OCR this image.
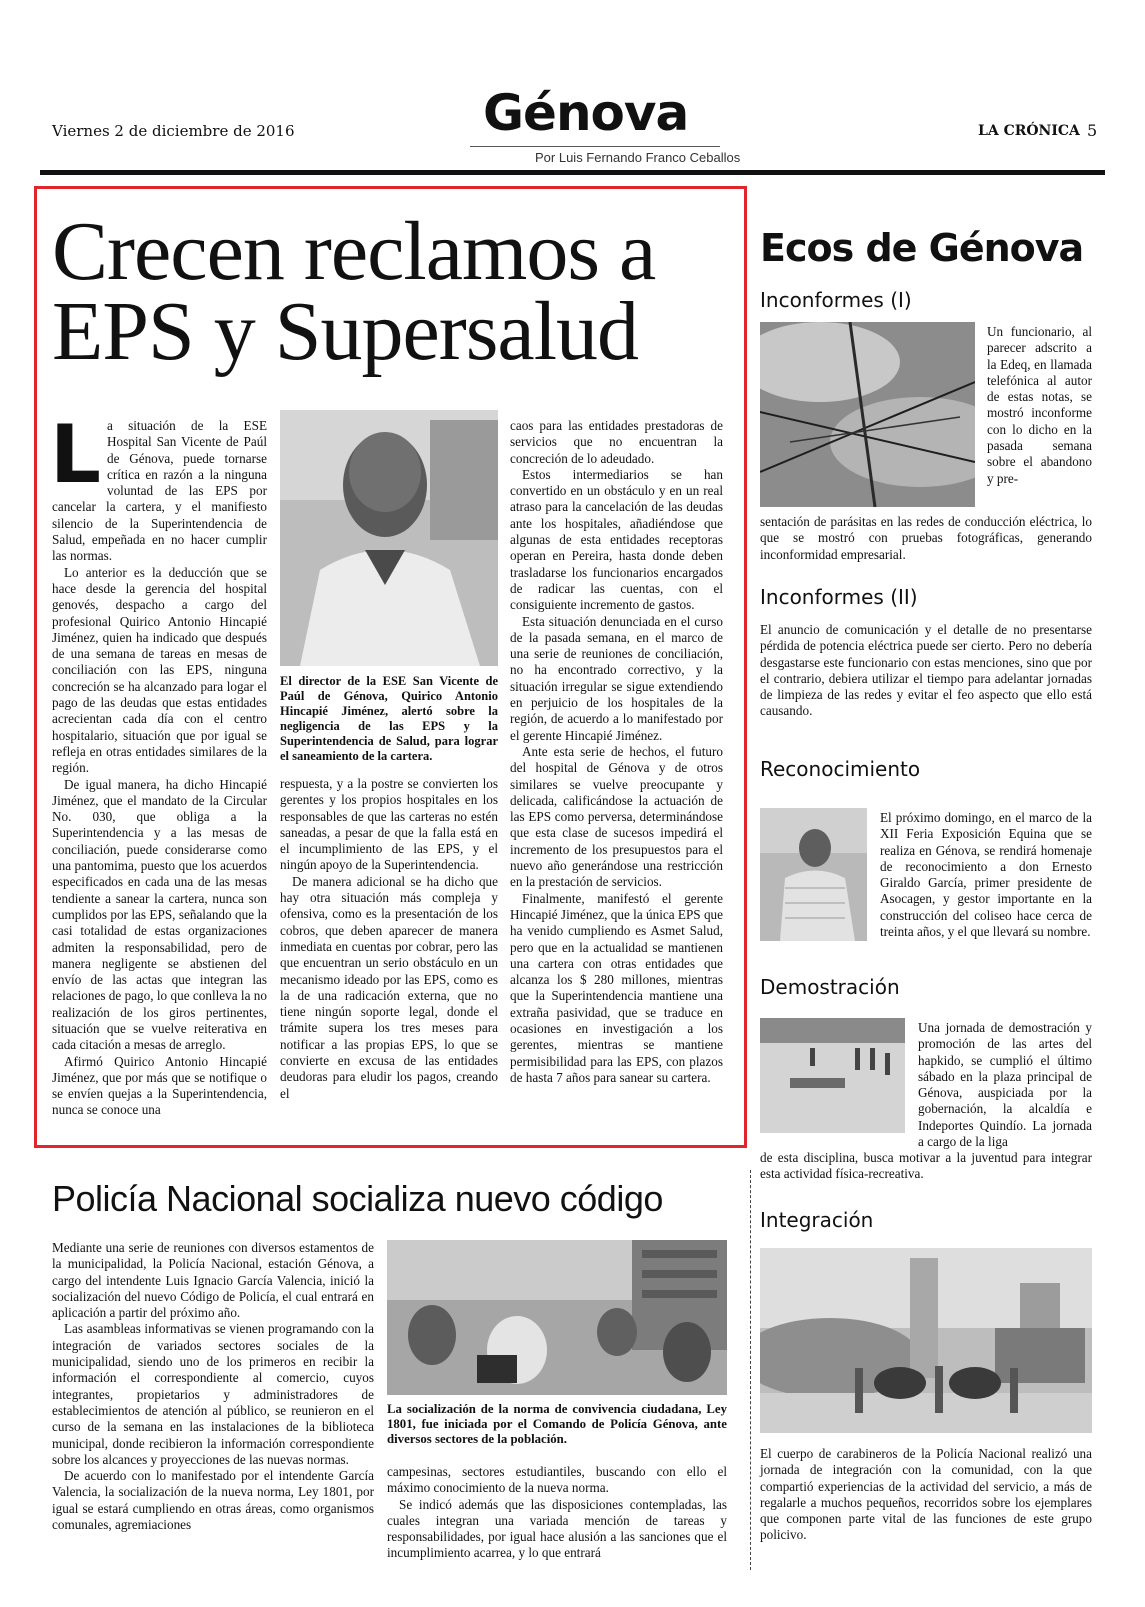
Viernes 2 de diciembre de 2016	Génova
Por Luis Fernando Franco Ceballos
LA CRÓNICA 5
Crecen reclamos a EPS y Supersalud
L a situación de la ESE Hospital San Vicente de Paúl de Génova, puede tornarse crítica en razón a la ninguna voluntad de las EPS por cancelar la cartera, y el manifiesto silencio de la Superintendencia de Salud, empeñada en no hacer cumplir las normas.

Lo anterior es la deducción que se hace desde la gerencia del hospital genovés, despacho a cargo del profesional Quirico Antonio Hincapié Jiménez, quien ha indicado que después de una semana de tareas en mesas de conciliación con las EPS, ninguna concreción se ha alcanzado para logar el pago de las deudas que estas entidades acrecientan cada día con el centro hospitalario, situación que por igual se refleja en otras entidades similares de la región.

De igual manera, ha dicho Hincapié Jiménez, que el mandato de la Circular No. 030, que obliga a la Superintendencia y a las mesas de conciliación, puede considerarse como una pantomima, puesto que los acuerdos especificados en cada una de las mesas tendiente a sanear la cartera, nunca son cumplidos por las EPS, señalando que la casi totalidad de estas organizaciones admiten la responsabilidad, pero de manera negligente se abstienen del envío de las actas que integran las relaciones de pago, lo que conlleva la no realización de los giros pertinentes, situación que se vuelve reiterativa en cada citación a mesas de arreglo.

Afirmó Quirico Antonio Hincapié Jiménez, que por más que se notifique o se envíen quejas a la Superintendencia, nunca se conoce una

El director de la ESE San Vicente de Paúl de Génova, Quirico Antonio Hincapié Jiménez, alertó sobre la negligencia de las EPS y la Superintendencia de Salud, para lograr el saneamiento de la cartera.

respuesta, y a la postre se convierten los gerentes y los propios hospitales en los responsables de que las carteras no estén saneadas, a pesar de que la falla está en el incumplimiento de las EPS, y el ningún apoyo de la Superintendencia.

De manera adicional se ha dicho que hay otra situación más compleja y ofensiva, como es la presentación de los cobros, que deben aparecer de manera inmediata en cuentas por cobrar, pero las que encuentran un serio obstáculo en un mecanismo ideado por las EPS, como es la de una radicación externa, que no tiene ningún soporte legal, donde el trámite supera los tres meses para notificar a las propias EPS, lo que se convierte en excusa de las entidades deudoras para eludir los pagos, creando el

caos para las entidades prestadoras de servicios que no encuentran la concreción de lo adeudado.

Estos intermediarios se han convertido en un obstáculo y en un real atraso para la cancelación de las deudas ante los hospitales, añadiéndose que algunas de esta entidades receptoras operan en Pereira, hasta donde deben trasladarse los funcionarios encargados de radicar las cuentas, con el consiguiente incremento de gastos.

Esta situación denunciada en el curso de la pasada semana, en el marco de una serie de reuniones de conciliación, no ha encontrado correctivo, y la situación irregular se sigue extendiendo en perjuicio de los hospitales de la región, de acuerdo a lo manifestado por el gerente Hincapié Jiménez.

Ante esta serie de hechos, el futuro del hospital de Génova y de otros similares se vuelve preocupante y delicada, calificándose la actuación de las EPS como perversa, determinándose que esta clase de sucesos impedirá el incremento de los presupuestos para el nuevo año generándose una restricción en la prestación de servicios.

Finalmente, manifestó el gerente Hincapié Jiménez, que la única EPS que ha venido cumpliendo es Asmet Salud, pero que en la actualidad se mantienen una cartera con otras entidades que alcanza los $ 280 millones, mientras que la Superintendencia mantiene una extraña pasividad, que se traduce en ocasiones en investigación a los gerentes, mientras se mantiene permisibilidad para las EPS, con plazos de hasta 7 años para sanear su cartera.

Ecos de Génova
Inconformes (I)
Un funcionario, al parecer adscrito a la Edeq, en llamada telefónica al autor de estas notas, se mostró inconforme con lo dicho en la pasada semana sobre el abandono y pre-
sentación de parásitas en las redes de conducción eléctrica, lo que se mostró con pruebas fotográficas, generando inconformidad empresarial.
Inconformes (II)
El anuncio de comunicación y el detalle de no presentarse pérdida de potencia eléctrica puede ser cierto. Pero no debería desgastarse este funcionario con estas menciones, sino que por el contrario, debiera utilizar el tiempo para adelantar jornadas de limpieza de las redes y evitar el feo aspecto que ello está causando.
Reconocimiento
El próximo domingo, en el marco de la XII Feria Exposición Equina que se realiza en Génova, se rendirá homenaje de reconocimiento a don Ernesto Giraldo García, primer presidente de Asocagen, y gestor importante en la construcción del coliseo hace cerca de treinta años, y el que llevará su nombre.
Demostración
Una jornada de demostración y promoción de las artes del hapkido, se cumplió el último sábado en la plaza principal de Génova, auspiciada por la gobernación, la alcaldía e Indeportes Quindío. La jornada a cargo de la liga
de esta disciplina, busca motivar a la juventud para integrar esta actividad física-recreativa.
Integración
El cuerpo de carabineros de la Policía Nacional realizó una jornada de integración con la comunidad, con la que compartió experiencias de la actividad del servicio, a más de regalarle a muchos pequeños, recorridos sobre los ejemplares que componen parte vital de las funciones de este grupo policivo.
Policía Nacional socializa nuevo código

Mediante una serie de reuniones con diversos estamentos de la municipalidad, la Policía Nacional, estación Génova, a cargo del intendente Luis Ignacio García Valencia, inició la socialización del nuevo Código de Policía, el cual entrará en aplicación a partir del próximo año.

Las asambleas informativas se vienen programando con la integración de variados sectores sociales de la municipalidad, siendo uno de los primeros en recibir la información el correspondiente al comercio, cuyos integrantes, propietarios y administradores de establecimientos de atención al público, se reunieron en el curso de la semana en las instalaciones de la biblioteca municipal, donde recibieron la información correspondiente sobre los alcances y proyecciones de las nuevas normas.

De acuerdo con lo manifestado por el intendente García Valencia, la socialización de la nueva norma, Ley 1801, por igual se estará cumpliendo en otras áreas, como organismos comunales, agremiaciones

La socialización de la norma de convivencia ciudadana, Ley 1801, fue iniciada por el Comando de Policía Génova, ante diversos sectores de la población.

campesinas, sectores estudiantiles, buscando con ello el máximo conocimiento de la nueva norma.

Se indicó además que las disposiciones contempladas, las cuales integran una variada mención de tareas y responsabilidades, por igual hace alusión a las sanciones que el incumplimiento acarrea, y lo que entrará
